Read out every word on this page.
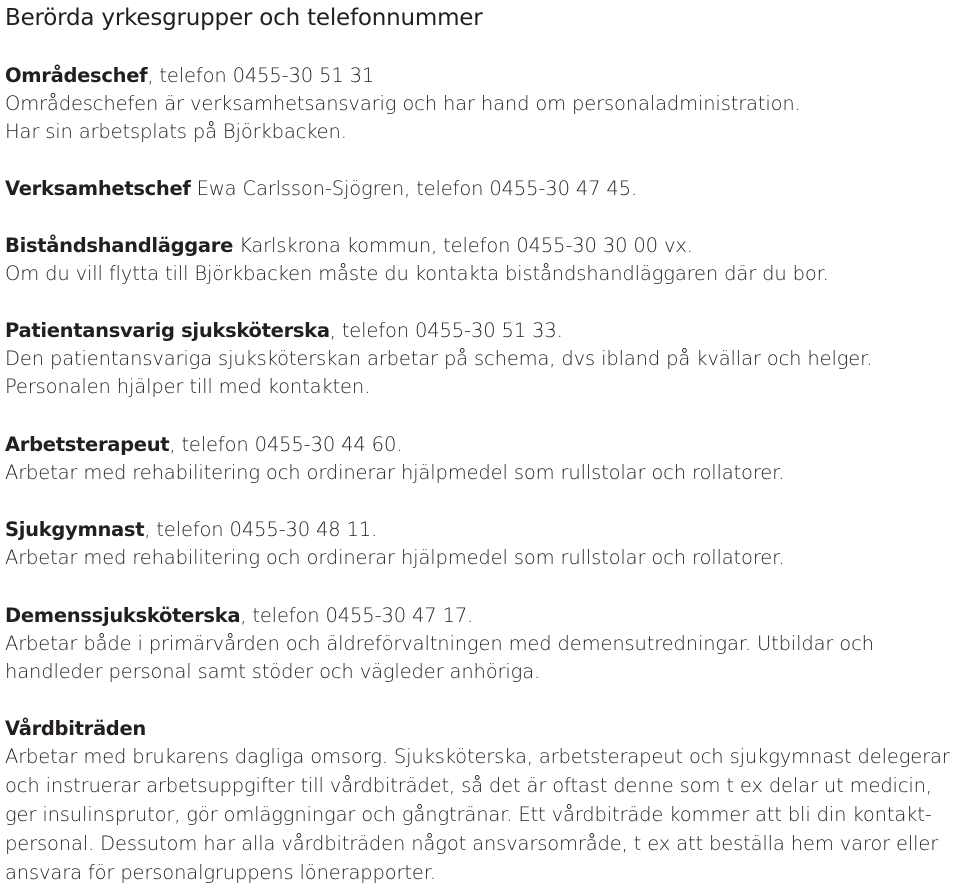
Berörda yrkesgrupper och telefonnummer
Områdeschef, telefon 0455-30 51 31
Områdeschefen är verksamhetsansvarig och har hand om personaladministration.
Har sin arbetsplats på Björkbacken.
Verksamhetschef Ewa Carlsson-Sjögren, telefon 0455-30 47 45.
Biståndshandläggare Karlskrona kommun, telefon 0455-30 30 00 vx.
Om du vill flytta till Björkbacken måste du kontakta biståndshandläggaren där du bor.
Patientansvarig sjuksköterska, telefon 0455-30 51 33.
Den patientansvariga sjuksköterskan arbetar på schema, dvs ibland på kvällar och helger.
Personalen hjälper till med kontakten.
Arbetsterapeut, telefon 0455-30 44 60.
Arbetar med rehabilitering och ordinerar hjälpmedel som rullstolar och rollatorer.
Sjukgymnast, telefon 0455-30 48 11.
Arbetar med rehabilitering och ordinerar hjälpmedel som rullstolar och rollatorer.
Demenssjuksköterska, telefon 0455-30 47 17.
Arbetar både i primärvården och äldreförvaltningen med demensutredningar. Utbildar och
handleder personal samt stöder och vägleder anhöriga.
Vårdbiträden
Arbetar med brukarens dagliga omsorg. Sjuksköterska, arbetsterapeut och sjukgymnast delegerar
och instruerar arbetsuppgifter till vårdbiträdet, så det är oftast denne som t ex delar ut medicin,
ger insulinsprutor, gör omläggningar och gångtränar. Ett vårdbiträde kommer att bli din kontakt-
personal. Dessutom har alla vårdbiträden något ansvarsområde, t ex att beställa hem varor eller
ansvara för personalgruppens lönerapporter.
